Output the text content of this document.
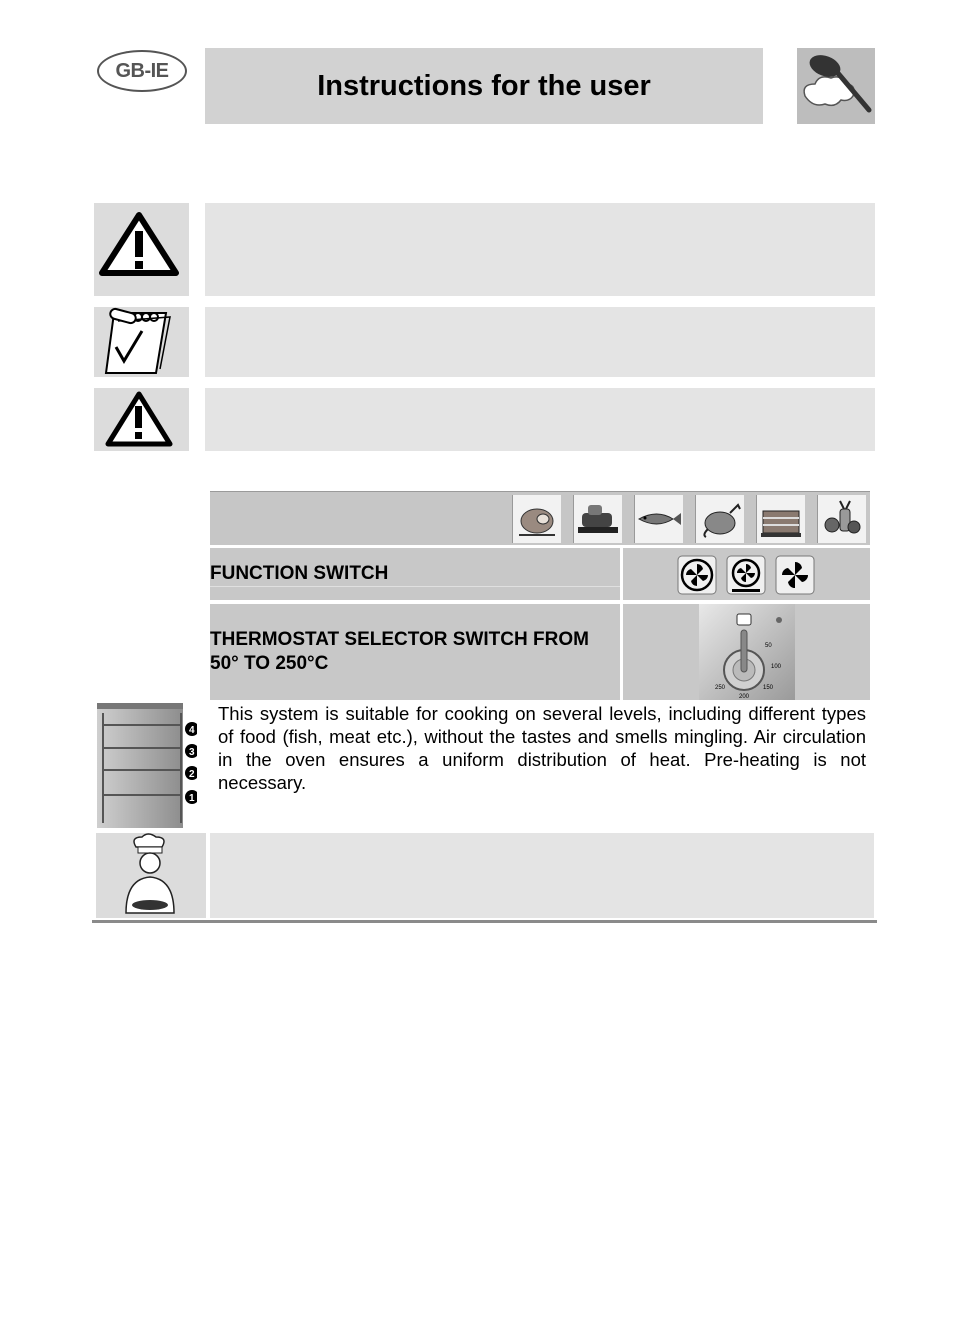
GB-IE	Instructions for the user
FUNCTION SWITCH
THERMOSTAT SELECTOR SWITCH FROM 50° TO 250°C
50
100
150
200
250
4
3
2
1
This system is suitable for cooking on several levels, including different types of food (fish, meat etc.), without the tastes and smells mingling. Air circulation in the oven ensures a uniform distribution of heat. Pre-heating is not necessary.
